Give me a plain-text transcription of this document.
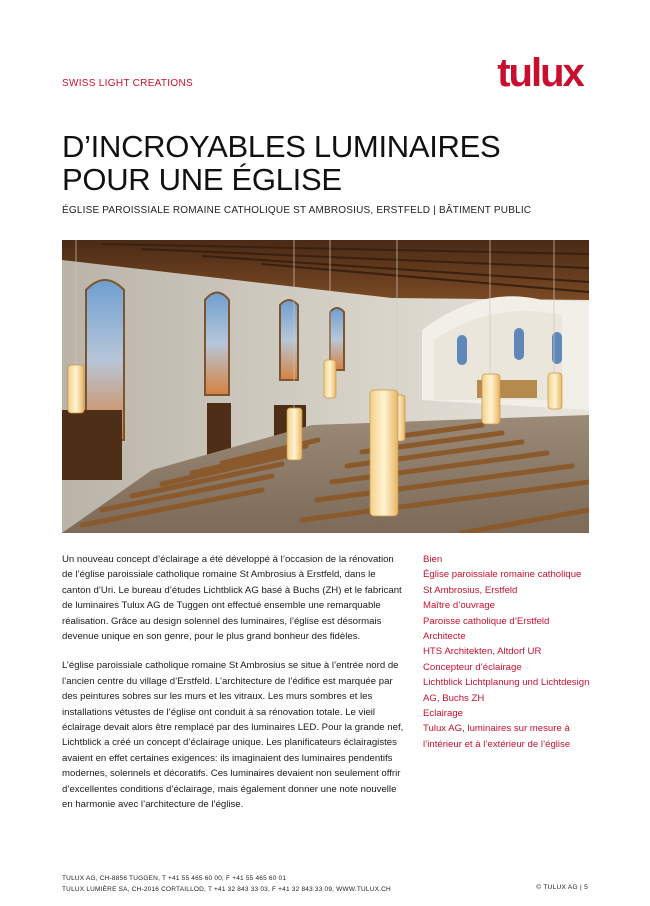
SWISS LIGHT CREATIONS	tulux
D’INCROYABLES LUMINAIRES
POUR UNE ÉGLISE
ÉGLISE PAROISSIALE ROMAINE CATHOLIQUE ST AMBROSIUS, ERSTFELD | BÂTIMENT PUBLIC

Un nouveau concept d’éclairage a été développé à l’occasion de la rénovation de l’église paroissiale catholique romaine St Ambrosius à Erstfeld, dans le canton d’Uri. Le bureau d’études Lichtblick AG basé à Buchs (ZH) et le fabricant de luminaires Tulux AG de Tuggen ont effectué ensemble une remarquable réalisation. Grâce au design solennel des luminaires, l’église est désormais devenue unique en son genre, pour le plus grand bonheur des fidèles.

L’église paroissiale catholique romaine St Ambrosius se situe à l’entrée nord de l’ancien centre du village d’Erstfeld. L’architecture de l’édifice est marquée par des peintures sobres sur les murs et les vitraux. Les murs sombres et les installations vétustes de l’église ont conduit à sa rénovation totale. Le vieil éclairage devait alors être remplacé par des luminaires LED. Pour la grande nef, Lichtblick a créé un concept d’éclairage unique. Les planificateurs éclairagistes avaient en effet certaines exigences: ils imaginaient des luminaires pendentifs modernes, solennels et décoratifs. Ces luminaires devaient non seulement offrir d’excellentes conditions d’éclairage, mais également donner une note nouvelle en harmonie avec l’architecture de l’église.

Bien
Église paroissiale romaine catholique St Ambrosius, Erstfeld
Maître d’ouvrage
Paroisse catholique d’Erstfeld
Architecte
HTS Architekten, Altdorf UR
Concepteur d’éclairage
Lichtblick Lichtplanung und Lichtdesign AG, Buchs ZH
Eclairage
Tulux AG, luminaires sur mesure à l’intérieur et à l’extérieur de l’église
TULUX AG, CH-8856 TUGGEN, T +41 55 465 60 00, F +41 55 465 60 01
TULUX LUMIÈRE SA, CH-2016 CORTAILLOD, T +41 32 843 33 03, F +41 32 843 33 09, WWW.TULUX.CH	© TULUX AG | 5
